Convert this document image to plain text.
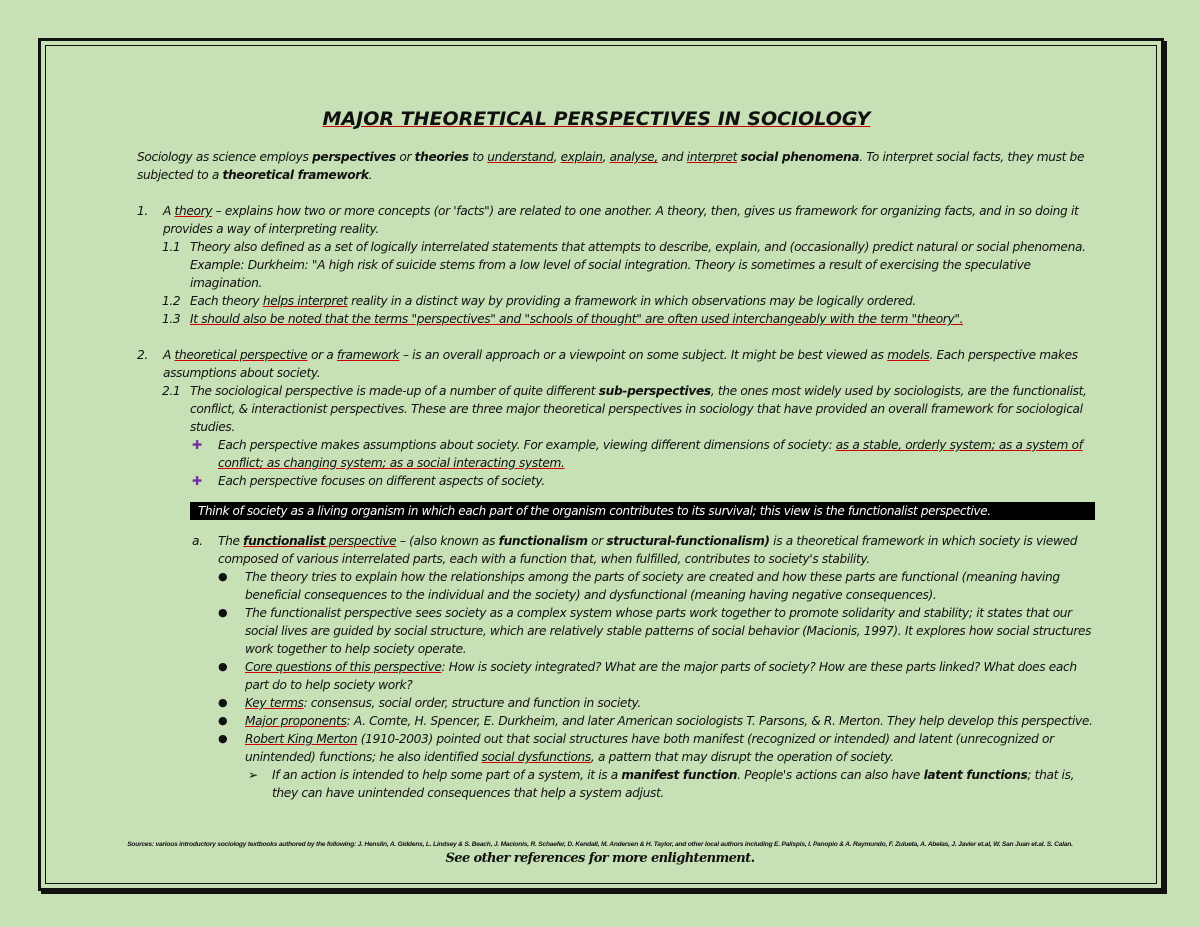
MAJOR THEORETICAL PERSPECTIVES IN SOCIOLOGY
Sociology as science employs perspectives or theories to understand, explain, analyse, and interpret social phenomena. To interpret social facts, they must be subjected to a theoretical framework.
1. A theory – explains how two or more concepts (or 'facts") are related to one another. A theory, then, gives us framework for organizing facts, and in so doing it provides a way of interpreting reality.
1.1 Theory also defined as a set of logically interrelated statements that attempts to describe, explain, and (occasionally) predict natural or social phenomena. Example: Durkheim: "A high risk of suicide stems from a low level of social integration. Theory is sometimes a result of exercising the speculative imagination.
1.2 Each theory helps interpret reality in a distinct way by providing a framework in which observations may be logically ordered.
1.3 It should also be noted that the terms "perspectives" and "schools of thought" are often used interchangeably with the term "theory".
2. A theoretical perspective or a framework – is an overall approach or a viewpoint on some subject. It might be best viewed as models. Each perspective makes assumptions about society.
2.1 The sociological perspective is made-up of a number of quite different sub-perspectives, the ones most widely used by sociologists, are the functionalist, conflict, & interactionist perspectives. These are three major theoretical perspectives in sociology that have provided an overall framework for sociological studies.
✚ Each perspective makes assumptions about society. For example, viewing different dimensions of society: as a stable, orderly system; as a system of conflict; as changing system; as a social interacting system.
✚ Each perspective focuses on different aspects of society.
Think of society as a living organism in which each part of the organism contributes to its survival; this view is the functionalist perspective.
a. The functionalist perspective – (also known as functionalism or structural-functionalism) is a theoretical framework in which society is viewed composed of various interrelated parts, each with a function that, when fulfilled, contributes to society's stability.
● The theory tries to explain how the relationships among the parts of society are created and how these parts are functional (meaning having beneficial consequences to the individual and the society) and dysfunctional (meaning having negative consequences).
● The functionalist perspective sees society as a complex system whose parts work together to promote solidarity and stability; it states that our social lives are guided by social structure, which are relatively stable patterns of social behavior (Macionis, 1997). It explores how social structures work together to help society operate.
● Core questions of this perspective: How is society integrated? What are the major parts of society? How are these parts linked? What does each part do to help society work?
● Key terms: consensus, social order, structure and function in society.
● Major proponents: A. Comte, H. Spencer, E. Durkheim, and later American sociologists T. Parsons, & R. Merton. They help develop this perspective.
● Robert King Merton (1910-2003) pointed out that social structures have both manifest (recognized or intended) and latent (unrecognized or unintended) functions; he also identified social dysfunctions, a pattern that may disrupt the operation of society.
➢ If an action is intended to help some part of a system, it is a manifest function. People's actions can also have latent functions; that is, they can have unintended consequences that help a system adjust.
Sources: various introductory sociology textbooks authored by the following: J. Henslin, A. Giddens, L. Lindsey & S. Beach, J. Macionis, R. Schaefer, D. Kendall, M. Andersen & H. Taylor, and other local authors including E. Palispis, I. Panopio & A. Raymundo, F. Zulueta, A. Abelas, J. Javier et.al, W. San Juan et.al. S. Calan.
See other references for more enlightenment.
